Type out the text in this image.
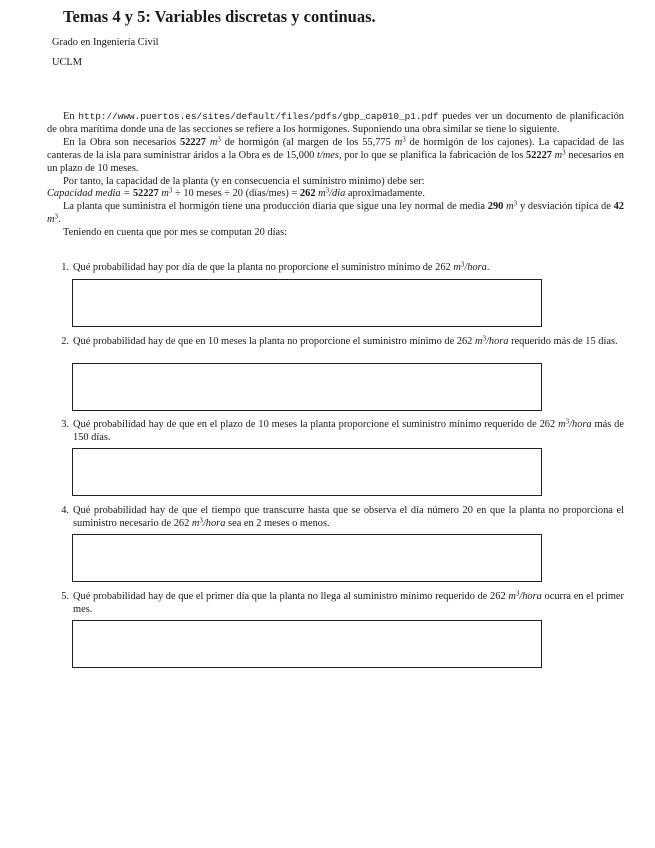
Temas 4 y 5: Variables discretas y continuas.
Grado en Ingeniería Civil
UCLM

En http://www.puertos.es/sites/default/files/pdfs/gbp_cap010_p1.pdf puedes ver un documento de planificación de obra marítima donde una de las secciones se refiere a los hormigones. Suponiendo una obra similar se tiene lo siguiente.

En la Obra son necesarios 52227 $m^3$ de hormigón (al margen de los 55,775 $m^3$ de hormigón de los cajones). La capacidad de las canteras de la isla para suministrar áridos a la Obra es de 15,000 t/mes, por lo que se planifica la fabricación de los 52227 $m^3$ necesarios en un plazo de 10 meses.

Por tanto, la capacidad de la planta (y en consecuencia el suministro mínimo) debe ser:

Capacidad media = 52227 $m^3 \div 10$ meses ÷ 20 (días/mes) = 262 $m^3$/dia aproximadamente.

La planta que suministra el hormigón tiene una producción diaria que sigue una ley normal de media 290 $m^3$ y desviación típica de 42 $m^3$.

Teniendo en cuenta que por mes se computan 20 días:

1. Qué probabilidad hay por día de que la planta no proporcione el suministro mínimo de 262 $m^3$/hora.
2. Qué probabilidad hay de que en 10 meses la planta no proporcione el suministro mínimo de 262 $m^3$/hora requerido más de 15 días.
3. Qué probabilidad hay de que en el plazo de 10 meses la planta proporcione el suministro mínimo requerido de 262 $m^3$/hora más de 150 días.
4. Qué probabilidad hay de que el tiempo que transcurre hasta que se observa el día número 20 en que la planta no proporciona el suministro necesario de 262 $m^3$/hora sea en 2 meses o menos.
5. Qué probabilidad hay de que el primer día que la planta no llega al suministro mínimo requerido de 262 $m^3$/hora ocurra en el primer mes.
